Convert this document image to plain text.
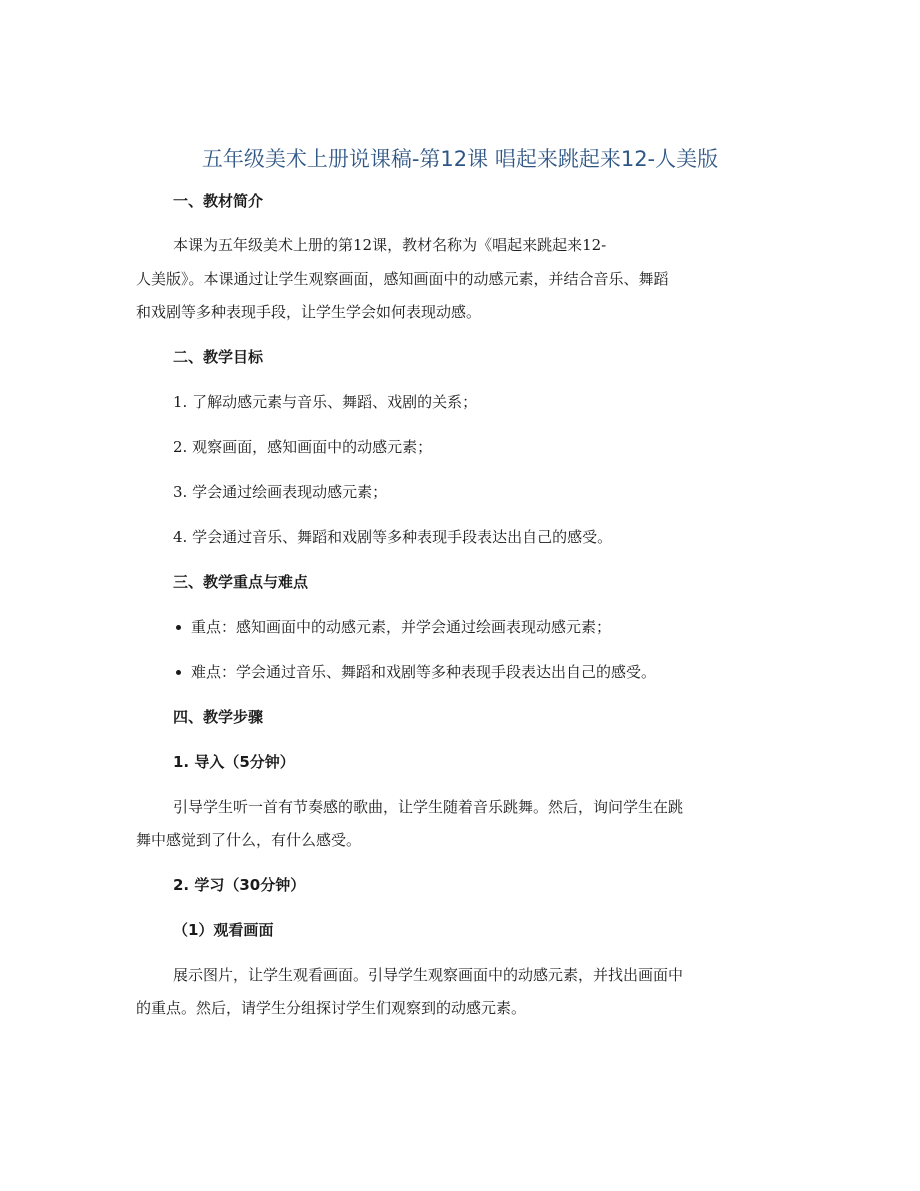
五年级美术上册说课稿-第12课 唱起来跳起来12-人美版
一、教材简介
本课为五年级美术上册的第12课，教材名称为《唱起来跳起来12-
人美版》。本课通过让学生观察画面，感知画面中的动感元素，并结合音乐、舞蹈
和戏剧等多种表现手段，让学生学会如何表现动感。
二、教学目标
1. 了解动感元素与音乐、舞蹈、戏剧的关系；
2. 观察画面，感知画面中的动感元素；
3. 学会通过绘画表现动感元素；
4. 学会通过音乐、舞蹈和戏剧等多种表现手段表达出自己的感受。
三、教学重点与难点
重点：感知画面中的动感元素，并学会通过绘画表现动感元素；
难点：学会通过音乐、舞蹈和戏剧等多种表现手段表达出自己的感受。
四、教学步骤
1. 导入（5分钟）
引导学生听一首有节奏感的歌曲，让学生随着音乐跳舞。然后，询问学生在跳
舞中感觉到了什么，有什么感受。
2. 学习（30分钟）
（1）观看画面
展示图片，让学生观看画面。引导学生观察画面中的动感元素，并找出画面中
的重点。然后，请学生分组探讨学生们观察到的动感元素。
